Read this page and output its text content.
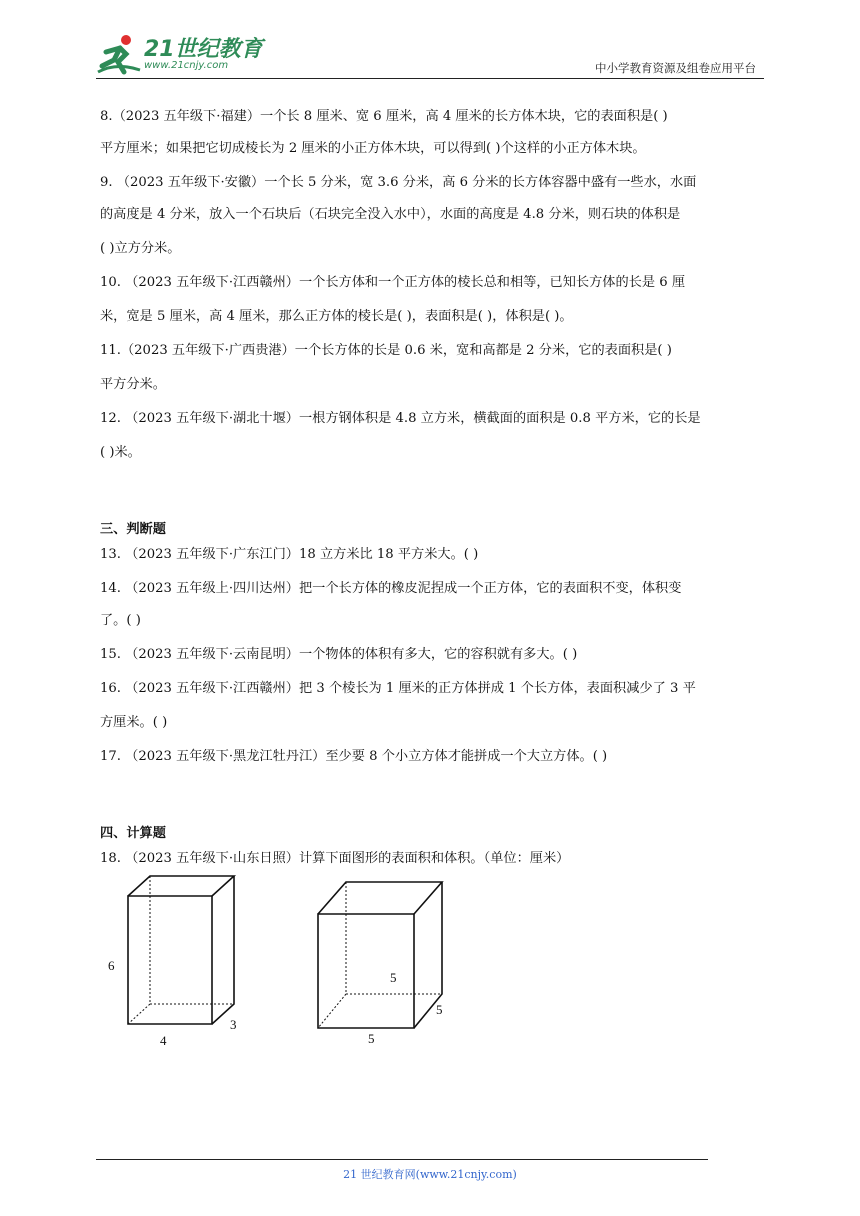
21世纪教育
www.21cnjy.com	中小学教育资源及组卷应用平台
8.（2023 五年级下·福建）一个长 8 厘米、宽 6 厘米，高 4 厘米的长方体木块，它的表面积是( )
平方厘米；如果把它切成棱长为 2 厘米的小正方体木块，可以得到( )个这样的小正方体木块。
9. （2023 五年级下·安徽）一个长 5 分米，宽 3.6 分米，高 6 分米的长方体容器中盛有一些水，水面
的高度是 4 分米，放入一个石块后（石块完全没入水中），水面的高度是 4.8 分米，则石块的体积是
( )立方分米。
10. （2023 五年级下·江西赣州）一个长方体和一个正方体的棱长总和相等，已知长方体的长是 6 厘
米，宽是 5 厘米，高 4 厘米，那么正方体的棱长是( )，表面积是( )，体积是( )。
11.（2023 五年级下·广西贵港）一个长方体的长是 0.6 米，宽和高都是 2 分米，它的表面积是( )
平方分米。
12. （2023 五年级下·湖北十堰）一根方钢体积是 4.8 立方米，横截面的面积是 0.8 平方米，它的长是
( )米。
三、判断题
13. （2023 五年级下·广东江门）18 立方米比 18 平方米大。( )
14. （2023 五年级上·四川达州）把一个长方体的橡皮泥捏成一个正方体，它的表面积不变，体积变
了。( )
15. （2023 五年级下·云南昆明）一个物体的体积有多大，它的容积就有多大。( )
16. （2023 五年级下·江西赣州）把 3 个棱长为 1 厘米的正方体拼成 1 个长方体，表面积减少了 3 平
方厘米。( )
17. （2023 五年级下·黑龙江牡丹江）至少要 8 个小立方体才能拼成一个大立方体。( )
四、计算题
18. （2023 五年级下·山东日照）计算下面图形的表面积和体积。（单位：厘米）
6
4
3
5
5
5
21 世纪教育网(www.21cnjy.com)
